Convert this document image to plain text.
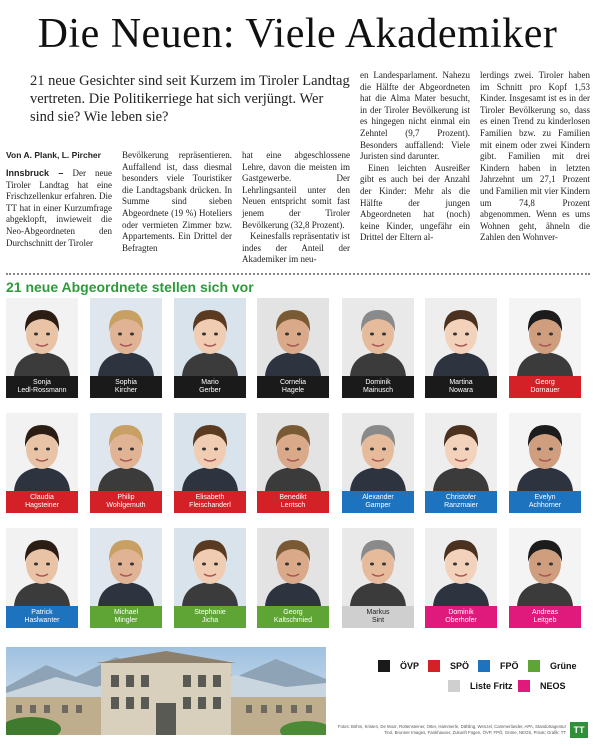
Die Neuen: Viele Akademiker
21 neue Gesichter sind seit Kurzem im Tiroler Landtag vertreten. Die Politikerriege hat sich verjüngt. Wer sind sie? Wie leben sie?
Von A. Plank, L. Pircher

Innsbruck – Der neue Tiroler Landtag hat eine Frischzellenkur erfahren. Die TT hat in einer Kurzumfrage abgeklopft, inwieweit die Neo-Abgeordneten den Durchschnitt der Tiroler

Bevölkerung repräsentieren. Auffallend ist, dass diesmal besonders viele Touristiker die Landtagsbank drücken. In Summe sind sieben Abgeordnete (19 %) Hoteliers oder vermieten Zimmer bzw. Appartements. Ein Drittel der Befragten

hat eine abgeschlossene Lehre, davon die meisten im Gastgewerbe. Der Lehrlingsanteil unter den Neuen entspricht somit fast jenem der Tiroler Bevölkerung (32,8 Prozent).

Keinesfalls repräsentativ ist indes der Anteil der Akademiker im neu-

en Landesparlament. Nahezu die Hälfte der Abgeordneten hat die Alma Mater besucht, in der Tiroler Bevölkerung ist es hingegen nicht einmal ein Zehntel (9,7 Prozent). Besonders auffallend: Viele Juristen sind darunter.

Einen leichten Ausreißer gibt es auch bei der Anzahl der Kinder: Mehr als die Hälfte der jungen Abgeordneten hat (noch) keine Kinder, ungefähr ein Drittel der Eltern al-

lerdings zwei. Tiroler haben im Schnitt pro Kopf 1,53 Kinder. Insgesamt ist es in der Tiroler Bevölkerung so, dass es einen Trend zu kinderlosen Familien bzw. zu Familien mit einem oder zwei Kindern gibt. Familien mit drei Kindern haben in letzten Jahrzehnt um 27,1 Prozent und Familien mit vier Kindern um 74,8 Prozent abgenommen. Wenn es ums Wohnen geht, ähneln die Zahlen den Wohnver-

21 neue Abgeordnete stellen sich vor
Sonja
Ledl-Rossmann
Sophia
Kircher
Mario
Gerber
Cornelia
Hagele
Dominik
Mainusch
Martina
Nowara
Georg
Dornauer
Claudia
Hagsteiner
Philip
Wohlgemuth
Elisabeth
Fleischanderl
Benedikt
Lentsch
Alexander
Gamper
Christofer
Ranzmaier
Evelyn
Achhorner
Patrick
Haslwanter
Michael
Mingler
Stephanie
Jicha
Georg
Kaltschmied
Markus
Sint
Dominik
Oberhofer
Andreas
Leitgeb
ÖVP	SPÖ	FPÖ	Grüne
Liste Fritz	NEOS
Fotos: Böhm, Kristen, De Moor, Rottensteiner, Otter, Hammerle, Dähling, Wenzel, Cammerlander, APA, Standortagentur Tirol, Brunner Images, Fankhauser, Zukunft Fügen, ÖVP, FPÖ, Grüne, NEOS, Privat; Grafik: TT TT
